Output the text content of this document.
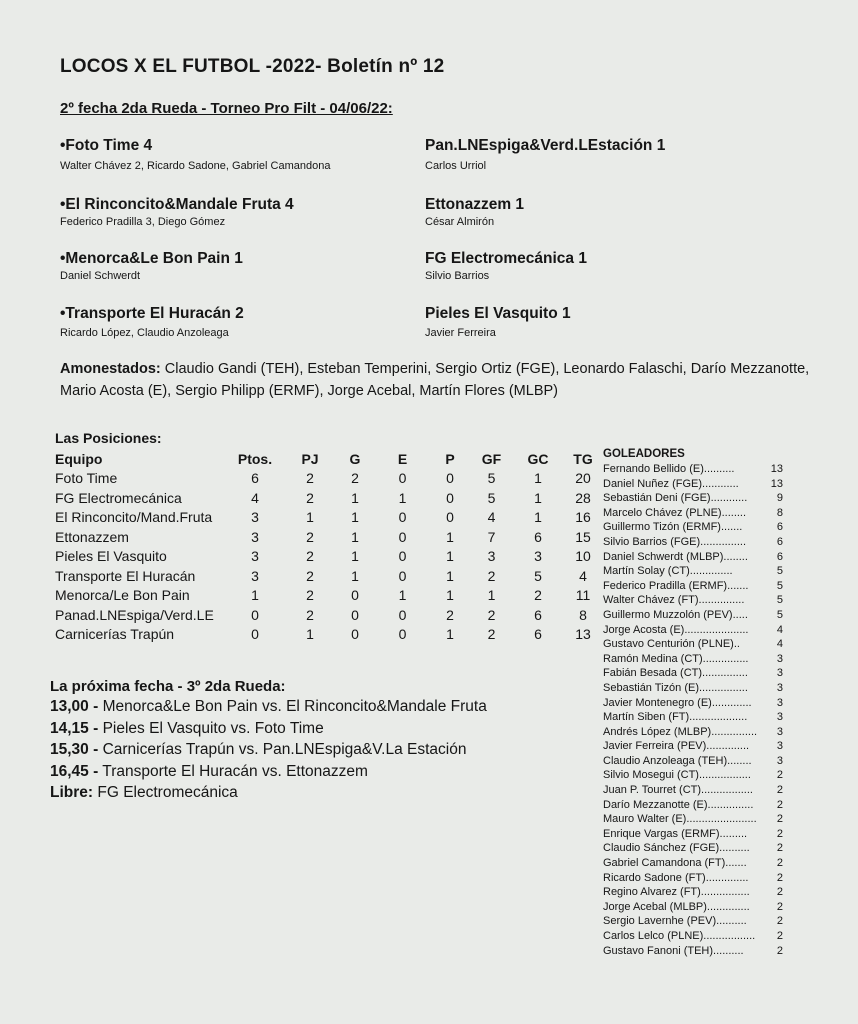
LOCOS X EL FUTBOL -2022- Boletín nº 12
2º fecha 2da Rueda - Torneo Pro Filt - 04/06/22:
•Foto Time 4
Walter Chávez 2, Ricardo Sadone, Gabriel Camandona
Pan.LNEspiga&Verd.LEstación 1
Carlos Urriol
•El Rinconcito&Mandale Fruta 4
Federico Pradilla 3, Diego Gómez
Ettonazzem 1
César Almirón
•Menorca&Le Bon Pain 1
Daniel Schwerdt
FG Electromecánica 1
Silvio Barrios
•Transporte El Huracán 2
Ricardo López, Claudio Anzoleaga
Pieles El Vasquito 1
Javier Ferreira
Amonestados: Claudio Gandi (TEH), Esteban Temperini, Sergio Ortiz (FGE), Leonardo Falaschi, Darío Mezzanotte, Mario Acosta (E), Sergio Philipp (ERMF), Jorge Acebal, Martín Flores (MLBP)
Las Posiciones:
Equipo	Ptos.	PJ	G	E	P	GF	GC	TG
Foto Time	6	2	2	0	0	5	1	20
FG Electromecánica	4	2	1	1	0	5	1	28
El Rinconcito/Mand.Fruta	3	1	1	0	0	4	1	16
Ettonazzem	3	2	1	0	1	7	6	15
Pieles El Vasquito	3	2	1	0	1	3	3	10
Transporte El Huracán	3	2	1	0	1	2	5	4
Menorca/Le Bon Pain	1	2	0	1	1	1	2	11
Panad.LNEspiga/Verd.LE	0	2	0	0	2	2	6	8
Carnicerías Trapún	0	1	0	0	1	2	6	13
La próxima fecha - 3º 2da Rueda:
13,00 - Menorca&Le Bon Pain vs. El Rinconcito&Mandale Fruta
14,15 - Pieles El Vasquito vs. Foto Time
15,30 - Carnicerías Trapún vs. Pan.LNEspiga&V.La Estación
16,45 - Transporte El Huracán vs. Ettonazzem
Libre: FG Electromecánica
GOLEADORES
Fernando Bellido (E)..........	13
Daniel Nuñez (FGE)............	13
Sebastián Deni (FGE)............	9
Marcelo Chávez (PLNE)........	8
Guillermo Tizón (ERMF).......	6
Silvio Barrios (FGE)...............	6
Daniel Schwerdt (MLBP)........	6
Martín Solay (CT)..............	5
Federico Pradilla (ERMF).......	5
Walter Chávez (FT)...............	5
Guillermo Muzzolón (PEV).....	5
Jorge Acosta (E).....................	4
Gustavo Centurión (PLNE)..	4
Ramón Medina (CT)...............	3
Fabián Besada (CT)...............	3
Sebastián Tizón (E)................	3
Javier Montenegro (E).............	3
Martín Siben (FT)...................	3
Andrés López (MLBP)...............	3
Javier Ferreira (PEV)..............	3
Claudio Anzoleaga (TEH)........	3
Silvio Mosegui (CT).................	2
Juan P. Tourret (CT).................	2
Darío Mezzanotte (E)...............	2
Mauro Walter (E).......................	2
Enrique Vargas (ERMF).........	2
Claudio Sánchez (FGE)..........	2
Gabriel Camandona (FT).......	2
Ricardo Sadone (FT)..............	2
Regino Alvarez (FT)................	2
Jorge Acebal (MLBP)..............	2
Sergio Lavernhe (PEV)..........	2
Carlos Lelco (PLNE).................	2
Gustavo Fanoni (TEH)..........	2
